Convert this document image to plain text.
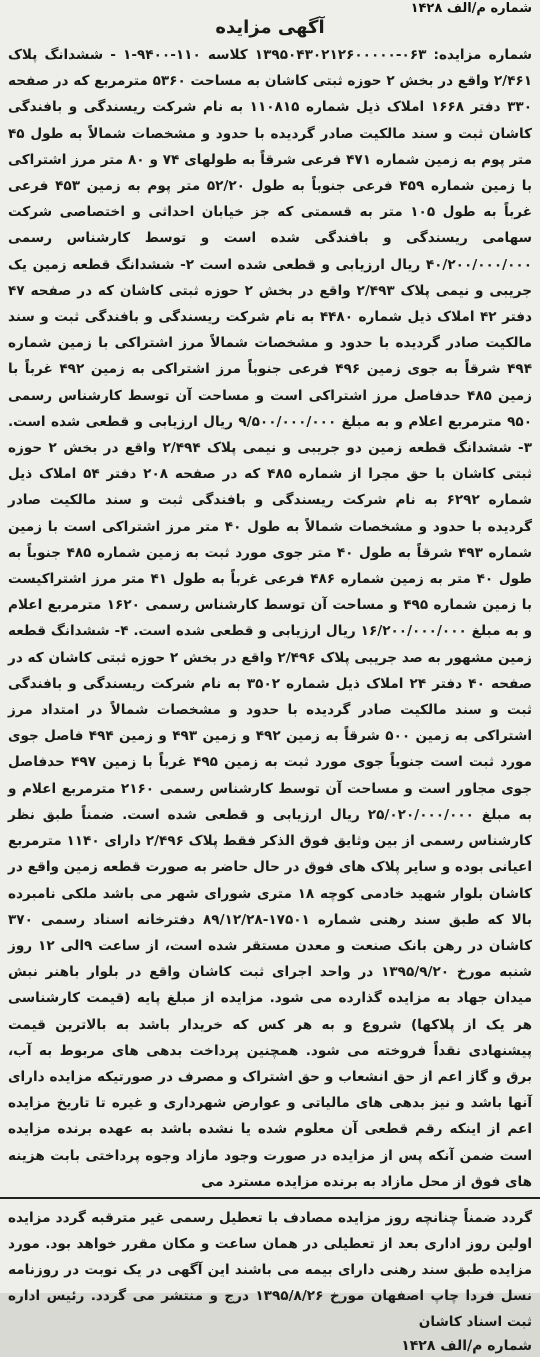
شماره م/الف ۱۴۲۸
آگهی مزایده

شماره مزایده: ۰۶۳-۱۳۹۵۰۴۳۰۲۱۲۶۰۰۰۰۰ کلاسه ۱۱۰-۹۴۰۰-۱ - ششدانگ پلاک ۲/۴۶۱ واقع در بخش ۲ حوزه ثبتی کاشان به مساحت ۵۳۶۰ مترمربع که در صفحه ۳۳۰ دفتر ۱۶۶۸ املاک ذیل شماره ۱۱۰۸۱۵ به نام شرکت ریسندگی و بافندگی کاشان ثبت و سند مالکیت صادر گردیده با حدود و مشخصات شمالاً به طول ۴۵ متر پوم به زمین شماره ۴۷۱ فرعی شرقاً به طولهای ۷۴ و ۸۰ متر مرز اشتراکی با زمین شماره ۴۵۹ فرعی جنوباً به طول ۵۲/۲۰ متر پوم به زمین ۴۵۳ فرعی غرباً به طول ۱۰۵ متر به قسمتی که جز خیابان احداثی و اختصاصی شرکت سهامی ریسندگی و بافندگی شده است و توسط کارشناس رسمی ۴۰/۲۰۰/۰۰۰/۰۰۰ ریال ارزیابی و قطعی شده است ۲- ششدانگ قطعه زمین یک جریبی و نیمی پلاک ۲/۴۹۳ واقع در بخش ۲ حوزه ثبتی کاشان که در صفحه ۴۷ دفتر ۴۲ املاک ذیل شماره ۴۴۸۰ به نام شرکت ریسندگی و بافندگی ثبت و سند مالکیت صادر گردیده با حدود و مشخصات شمالاً مرز اشتراکی با زمین شماره ۴۹۴ شرقاً به جوی زمین ۴۹۶ فرعی جنوباً مرز اشتراکی به زمین ۴۹۲ غرباً با زمین ۴۸۵ حدفاصل مرز اشتراکی است و مساحت آن توسط کارشناس رسمی ۹۵۰ مترمربع اعلام و به مبلغ ۹/۵۰۰/۰۰۰/۰۰۰ ریال ارزیابی و قطعی شده است. ۳- ششدانگ قطعه زمین دو جریبی و نیمی پلاک ۲/۴۹۴ واقع در بخش ۲ حوزه ثبتی کاشان با حق مجرا از شماره ۴۸۵ که در صفحه ۲۰۸ دفتر ۵۴ املاک ذیل شماره ۶۲۹۲ به نام شرکت ریسندگی و بافندگی ثبت و سند مالکیت صادر گردیده با حدود و مشخصات شمالاً به طول ۴۰ متر مرز اشتراکی است با زمین شماره ۴۹۳ شرقاً به طول ۴۰ متر جوی مورد ثبت به زمین شماره ۴۸۵ جنوباً به طول ۴۰ متر به زمین شماره ۴۸۶ فرعی غرباً به طول ۴۱ متر مرز اشتراکیست با زمین شماره ۴۹۵ و مساحت آن توسط کارشناس رسمی ۱۶۲۰ مترمربع اعلام و به مبلغ ۱۶/۲۰۰/۰۰۰/۰۰۰ ریال ارزیابی و قطعی شده است. ۴- ششدانگ قطعه زمین مشهور به صد جریبی پلاک ۲/۴۹۶ واقع در بخش ۲ حوزه ثبتی کاشان که در صفحه ۴۰ دفتر ۲۴ املاک ذیل شماره ۳۵۰۲ به نام شرکت ریسندگی و بافندگی ثبت و سند مالکیت صادر گردیده با حدود و مشخصات شمالاً در امتداد مرز اشتراکی به زمین ۵۰۰ شرقاً به زمین ۴۹۲ و زمین ۴۹۳ و زمین ۴۹۴ فاصل جوی مورد ثبت است جنوباً جوی مورد ثبت به زمین ۴۹۵ غرباً با زمین ۴۹۷ حدفاصل جوی مجاور است و مساحت آن توسط کارشناس رسمی ۲۱۶۰ مترمربع اعلام و به مبلغ ۲۵/۰۲۰/۰۰۰/۰۰۰ ریال ارزیابی و قطعی شده است. ضمناً طبق نظر کارشناس رسمی از بین وثایق فوق الذکر فقط پلاک ۲/۴۹۶ دارای ۱۱۴۰ مترمربع اعیانی بوده و سایر پلاک های فوق در حال حاضر به صورت قطعه زمین واقع در کاشان بلوار شهید خادمی کوچه ۱۸ متری شورای شهر می باشد ملکی نامبرده بالا که طبق سند رهنی شماره ۱۷۵۰۱-۸۹/۱۲/۲۸ دفترخانه اسناد رسمی ۳۷۰ کاشان در رهن بانک صنعت و معدن مستقر شده است، از ساعت ۹الی ۱۲ روز شنبه مورخ ۱۳۹۵/۹/۲۰ در واحد اجرای ثبت کاشان واقع در بلوار باهنر نبش میدان جهاد به مزایده گذارده می شود. مزایده از مبلغ پایه (قیمت کارشناسی هر یک از پلاکها) شروع و به هر کس که خریدار باشد به بالاترین قیمت پیشنهادی نقداً فروخته می شود. همچنین پرداخت بدهی های مربوط به آب، برق و گاز اعم از حق انشعاب و حق اشتراک و مصرف در صورتیکه مزایده دارای آنها باشد و نیز بدهی های مالیاتی و عوارض شهرداری و غیره تا تاریخ مزایده اعم از اینکه رقم قطعی آن معلوم شده یا نشده باشد به عهده برنده مزایده است ضمن آنکه پس از مزایده در صورت وجود مازاد وجوه پرداختی بابت هزینه های فوق از محل مازاد به برنده مزایده مسترد می

گردد ضمناً چنانچه روز مزایده مصادف با تعطیل رسمی غیر مترقبه گردد مزایده اولین روز اداری بعد از تعطیلی در همان ساعت و مکان مقرر خواهد بود. مورد مزایده طبق سند رهنی دارای بیمه می باشند این آگهی در یک نوبت در روزنامه نسل فردا چاپ اصفهان مورخ ۱۳۹۵/۸/۲۶ درج و منتشر می گردد. رئیس اداره ثبت اسناد کاشان

شماره م/الف ۱۴۲۸
